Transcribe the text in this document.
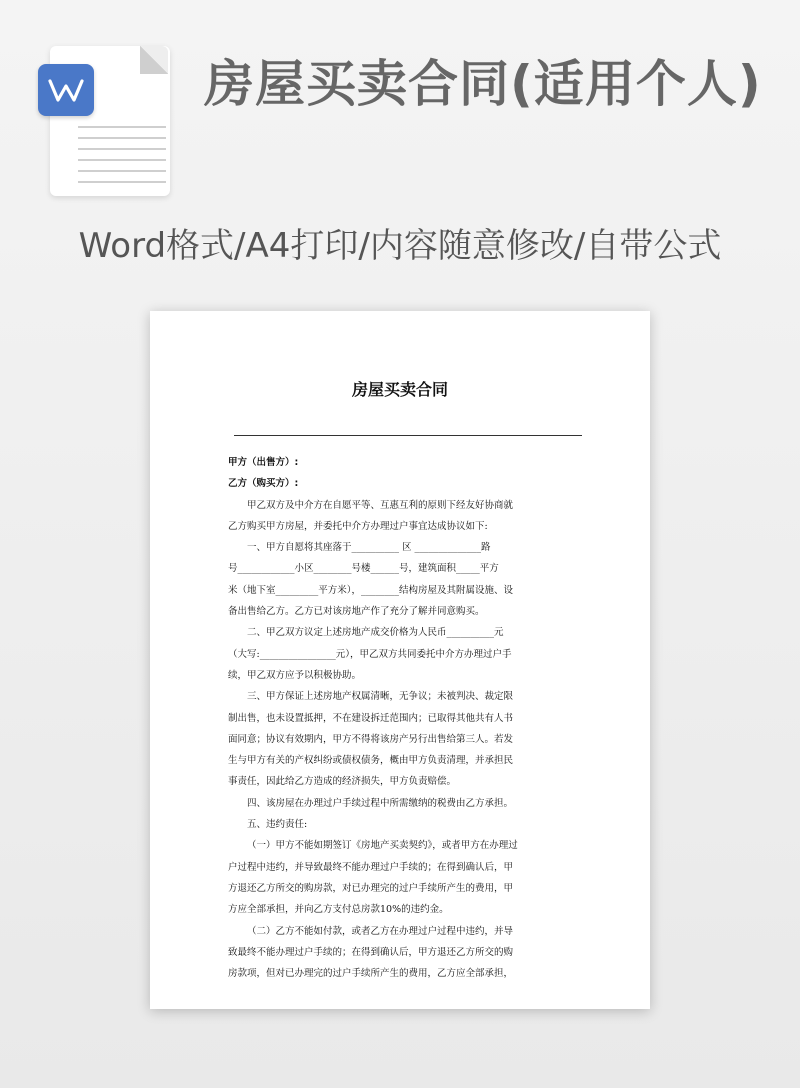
房屋买卖合同(适用个人)

Word格式/A4打印/内容随意修改/自带公式

房屋买卖合同

甲方（出售方）:

乙方（购买方）:

甲乙双方及中介方在自愿平等、互惠互利的原则下经友好协商就

乙方购买甲方房屋，并委托中介方办理过户事宜达成协议如下:

一、甲方自愿将其座落于__________ 区 ______________路

号____________小区________号楼______号，建筑面积_____平方

米（地下室_________平方米），________结构房屋及其附属设施、设

备出售给乙方。乙方已对该房地产作了充分了解并同意购买。

二、甲乙双方议定上述房地产成交价格为人民币__________元

（大写:________________元），甲乙双方共同委托中介方办理过户手

续，甲乙双方应予以积极协助。

三、甲方保证上述房地产权属清晰，无争议；未被判决、裁定限

制出售，也未设置抵押，不在建设拆迁范围内；已取得其他共有人书

面同意；协议有效期内，甲方不得将该房产另行出售给第三人。若发

生与甲方有关的产权纠纷或债权债务，概由甲方负责清理，并承担民

事责任，因此给乙方造成的经济损失，甲方负责赔偿。

四、该房屋在办理过户手续过程中所需缴纳的税费由乙方承担。

五、违约责任:

（一）甲方不能如期签订《房地产买卖契约》，或者甲方在办理过

户过程中违约，并导致最终不能办理过户手续的；在得到确认后，甲

方退还乙方所交的购房款，对已办理完的过户手续所产生的费用，甲

方应全部承担，并向乙方支付总房款10%的违约金。

（二）乙方不能如付款，或者乙方在办理过户过程中违约，并导

致最终不能办理过户手续的；在得到确认后，甲方退还乙方所交的购

房款项，但对已办理完的过户手续所产生的费用，乙方应全部承担，
